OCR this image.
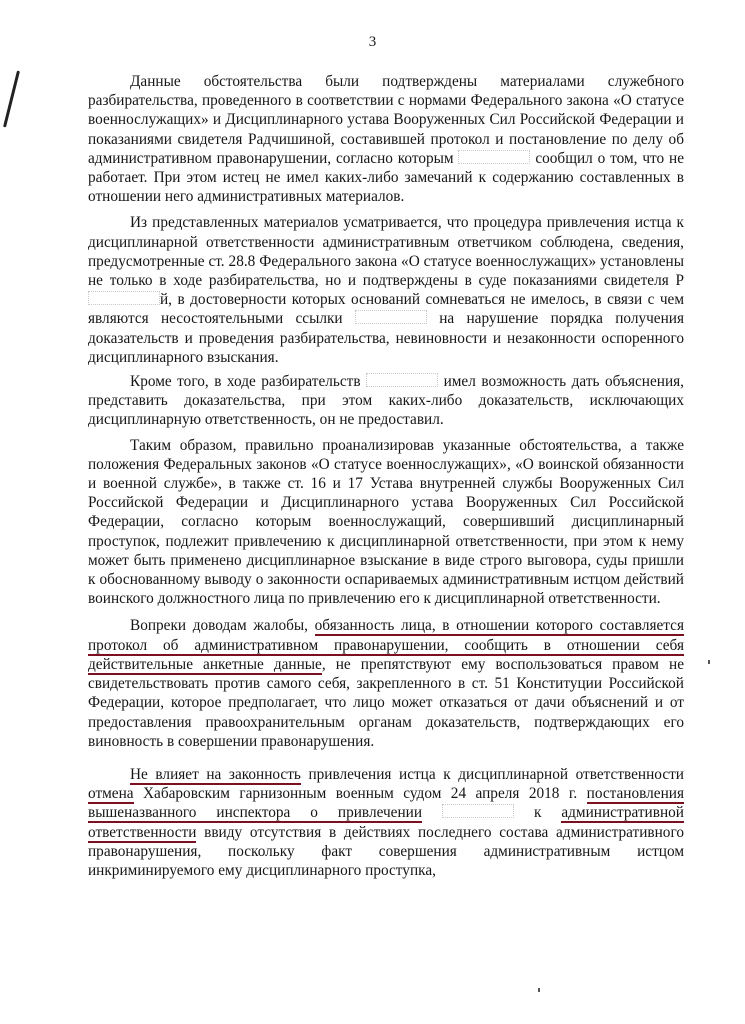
3

Данные обстоятельства были подтверждены материалами служебного разбирательства, проведенного в соответствии с нормами Федерального закона «О статусе военнослужащих» и Дисциплинарного устава Вооруженных Сил Российской Федерации и показаниями свидетеля Радчишиной, составившей протокол и постановление по делу об административном правонарушении, согласно которым	сообщил о том, что не работает. При этом истец не имел каких-либо замечаний к содержанию составленных в отношении него административных материалов.

Из представленных материалов усматривается, что процедура привлечения истца к дисциплинарной ответственности административным ответчиком соблюдена, сведения, предусмотренные ст. 28.8 Федерального закона «О статусе военнослужащих» установлены не только в ходе разбирательства, но и подтверждены в суде показаниями свидетеля Рй, в достоверности которых оснований сомневаться не имелось, в связи с чем являются несостоятельными ссылки	на нарушение порядка получения доказательств и проведения разбирательства, невиновности и незаконности оспоренного дисциплинарного взыскания.

Кроме того, в ходе разбирательств	имел возможность дать объяснения, представить доказательства, при этом каких-либо доказательств, исключающих дисциплинарную ответственность, он не предоставил.

Таким образом, правильно проанализировав указанные обстоятельства, а также положения Федеральных законов «О статусе военнослужащих», «О воинской обязанности и военной службе», в также ст. 16 и 17 Устава внутренней службы Вооруженных Сил Российской Федерации и Дисциплинарного устава Вооруженных Сил Российской Федерации, согласно которым военнослужащий, совершивший дисциплинарный проступок, подлежит привлечению к дисциплинарной ответственности, при этом к нему может быть применено дисциплинарное взыскание в виде строго выговора, суды пришли к обоснованному выводу о законности оспариваемых административным истцом действий воинского должностного лица по привлечению его к дисциплинарной ответственности.

Вопреки доводам жалобы, обязанность лица, в отношении которого составляется протокол об административном правонарушении, сообщить в отношении себя действительные анкетные данные, не препятствуют ему воспользоваться правом не свидетельствовать против самого себя, закрепленного в ст. 51 Конституции Российской Федерации, которое предполагает, что лицо может отказаться от дачи объяснений и от предоставления правоохранительным органам доказательств, подтверждающих его виновность в совершении правонарушения.

Не влияет на законность привлечения истца к дисциплинарной ответственности отмена Хабаровским гарнизонным военным судом 24 апреля 2018 г. постановления вышеназванного инспектора о привлечении	к административной ответственности ввиду отсутствия в действиях последнего состава административного правонарушения, поскольку факт совершения административным истцом инкриминируемого ему дисциплинарного проступка,
